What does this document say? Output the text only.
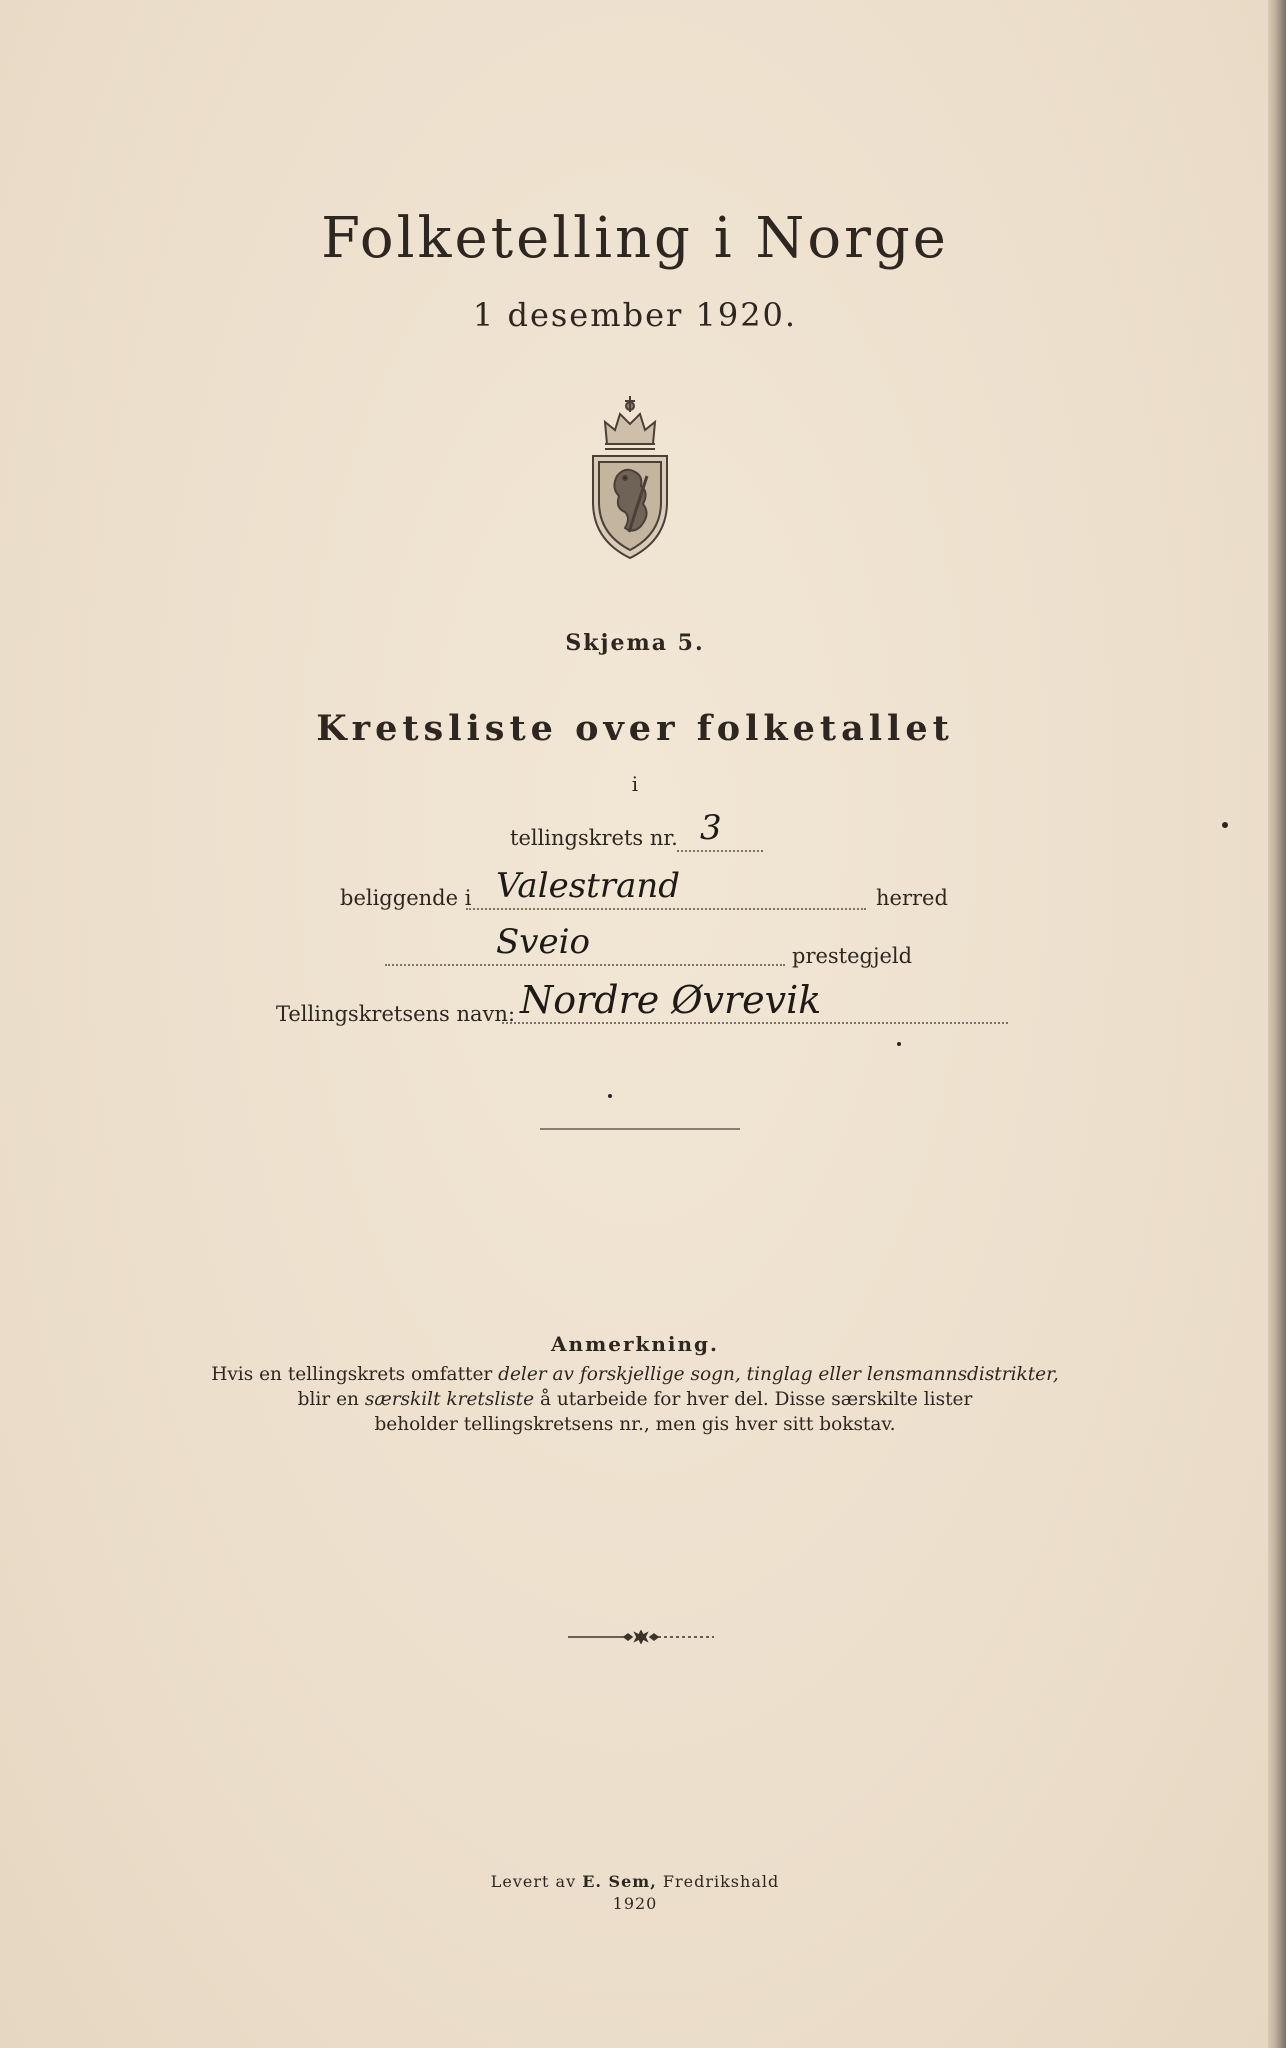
Folketelling i Norge
1 desember 1920.
Skjema 5.
Kretsliste over folketallet
i
tellingskrets nr. 3
beliggende i Valestrand	herred
Sveio	prestegjeld
Tellingskretsens navn: Nordre Øvrevik
Anmerkning.
Hvis en tellingskrets omfatter deler av forskjellige sogn, tinglag eller lensmannsdistrikter,
blir en særskilt kretsliste å utarbeide for hver del. Disse særskilte lister
beholder tellingskretsens nr., men gis hver sitt bokstav.
Levert av E. Sem, Fredrikshald
1920
